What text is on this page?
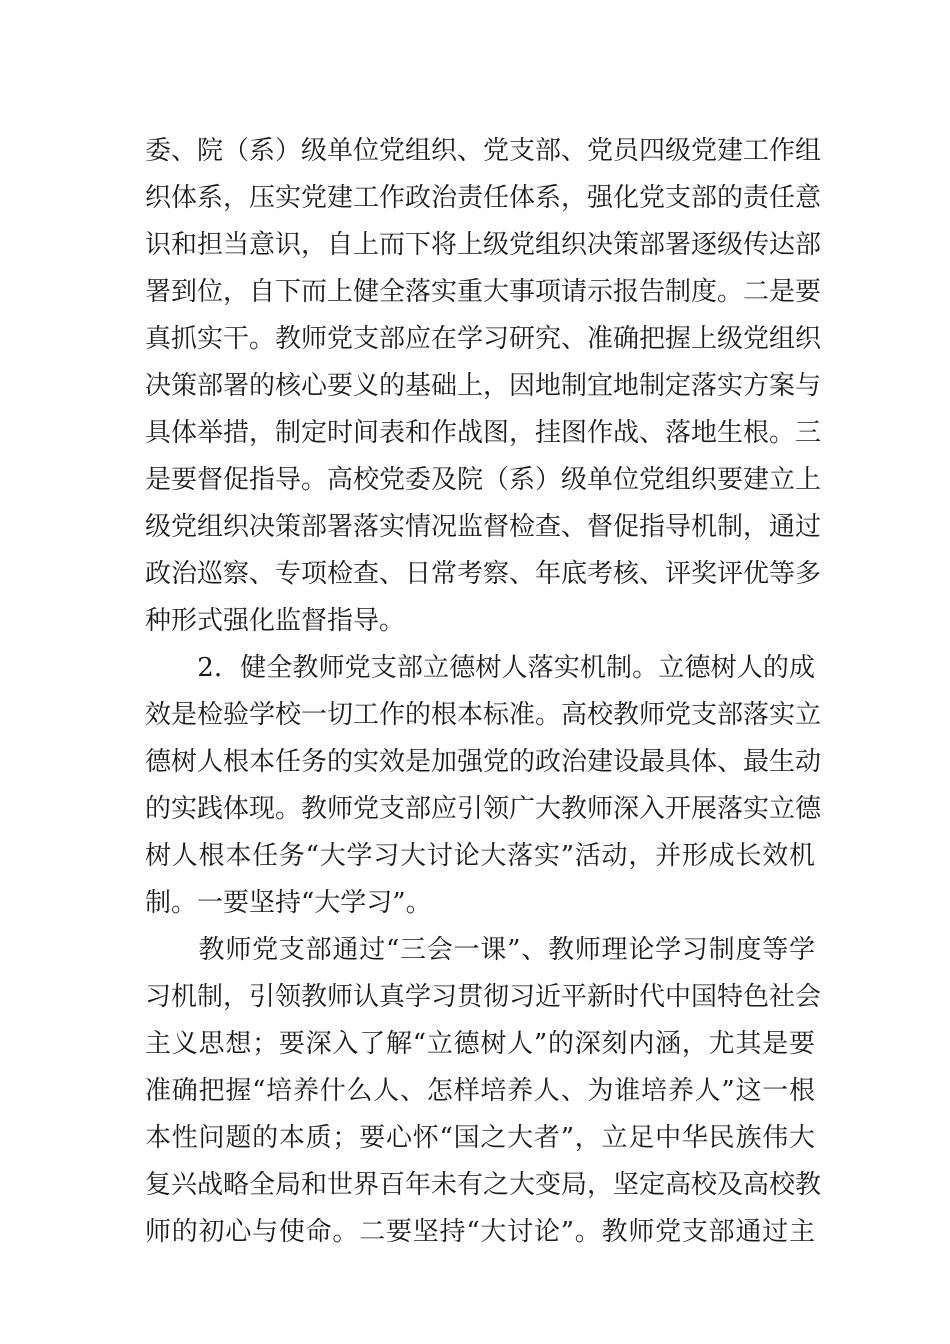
委、院（系）级单位党组织、党支部、党员四级党建工作组
织体系，压实党建工作政治责任体系，强化党支部的责任意
识和担当意识，自上而下将上级党组织决策部署逐级传达部
署到位，自下而上健全落实重大事项请示报告制度。二是要
真抓实干。教师党支部应在学习研究、准确把握上级党组织
决策部署的核心要义的基础上，因地制宜地制定落实方案与
具体举措，制定时间表和作战图，挂图作战、落地生根。三
是要督促指导。高校党委及院（系）级单位党组织要建立上
级党组织决策部署落实情况监督检查、督促指导机制，通过
政治巡察、专项检查、日常考察、年底考核、评奖评优等多
种形式强化监督指导。
　　2．健全教师党支部立德树人落实机制。立德树人的成
效是检验学校一切工作的根本标准。高校教师党支部落实立
德树人根本任务的实效是加强党的政治建设最具体、最生动
的实践体现。教师党支部应引领广大教师深入开展落实立德
树人根本任务“大学习大讨论大落实”活动，并形成长效机
制。一要坚持“大学习”。
　　教师党支部通过“三会一课”、教师理论学习制度等学
习机制，引领教师认真学习贯彻习近平新时代中国特色社会
主义思想；要深入了解“立德树人”的深刻内涵，尤其是要
准确把握“培养什么人、怎样培养人、为谁培养人”这一根
本性问题的本质；要心怀“国之大者”，立足中华民族伟大
复兴战略全局和世界百年未有之大变局，坚定高校及高校教
师的初心与使命。二要坚持“大讨论”。教师党支部通过主
